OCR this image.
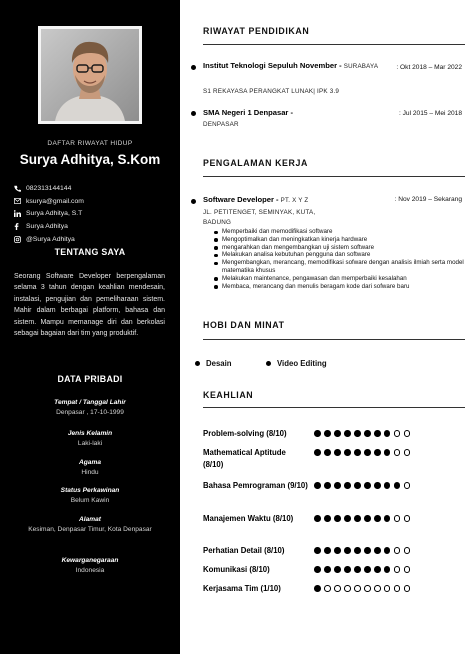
DAFTAR RIWAYAT HIDUP
Surya Adhitya, S.Kom
082313144144
ksurya@gmail.com
Surya Adhitya, S.T
Surya Adhitya
@Surya Adhitya
TENTANG SAYA
Seorang Software Developer berpengalaman selama 3 tahun dengan keahlian mendesain, instalasi, pengujian dan pemeliharaan sistem. Mahir dalam berbagai platform, bahasa dan sistem. Mampu memanage diri dan berkolasi sebagai bagaian dari tim yang produktif.
DATA PRIBADI
Tempat / Tanggal Lahir
Denpasar , 17-10-1999
Jenis Kelamin
Laki-laki
Agama
Hindu
Status Perkawinan
Belum Kawin
Alamat
Kesiman, Denpasar Timur, Kota Denpasar
Kewarganegaraan
Indonesia
RIWAYAT PENDIDIKAN
Institut Teknologi Sepuluh November - SURABAYA	: Okt 2018 – Mar 2022
S1 REKAYASA PERANGKAT LUNAK| IPK 3.9
SMA Negeri 1 Denpasar -	: Jul 2015 – Mei 2018
DENPASAR
PENGALAMAN KERJA
Software Developer - PT. X Y Z	: Nov 2019 – Sekarang
JL. PETITENGET, SEMINYAK, KUTA, BADUNG
Memperbaiki dan memodifikasi software
Mengoptimalkan dan meningkatkan kinerja hardware
mengarahkan dan mengembangkan uji sistem software
Melakukan analisa kebutuhan pengguna dan software
Mengembangkan, merancang, memodifikasi sofware dengan analisis ilmiah serta model matematika khusus
Melakukan maintenance, pengawasan dan memperbaiki kesalahan
Membaca, merancang dan menulis beragam kode dari sofware baru
HOBI DAN MINAT
Desain	Video Editing
KEAHLIAN
Problem-solving (8/10)
Mathematical Aptitude (8/10)
Bahasa Pemrograman (9/10)
Manajemen Waktu (8/10)
Perhatian Detail (8/10)
Komunikasi (8/10)
Kerjasama Tim (1/10)
